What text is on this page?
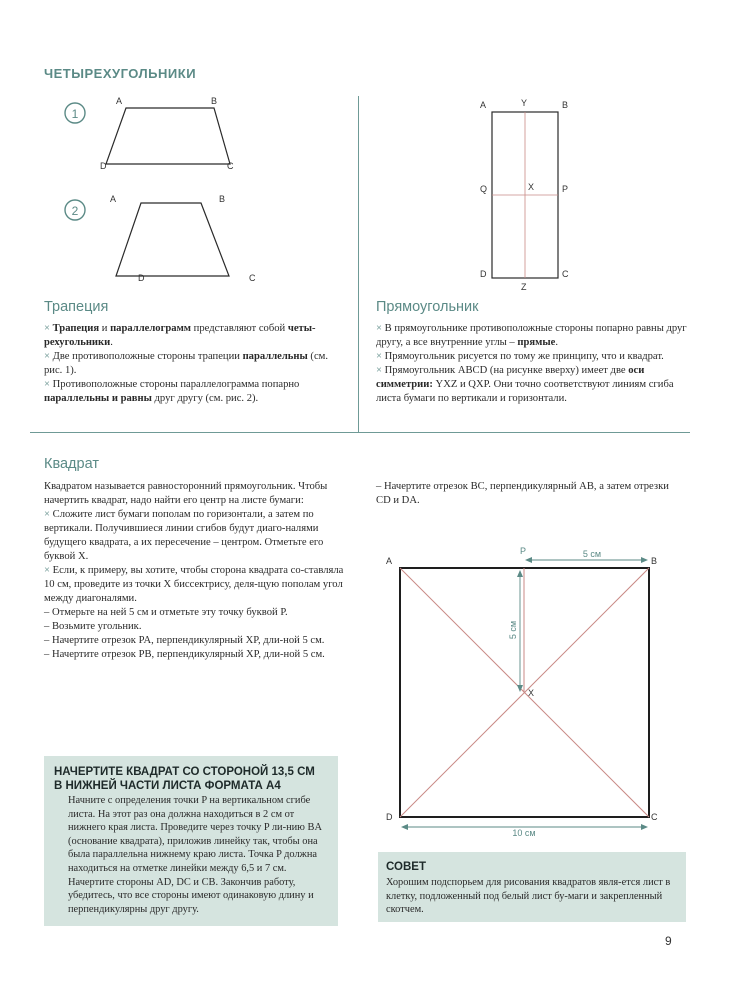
ЧЕТЫРЕХУГОЛЬНИКИ
1
A	B
C
D
2
A	B
C
D
A	Y	B
Q	X	P
D
Z
C
Трапеция

× Трапеция и параллелограмм представляют собой четы-рехугольники.

× Две противоположные стороны трапеции параллельны (см. рис. 1).

× Противоположные стороны параллелограмма попарно параллельны и равны друг другу (см. рис. 2).

Прямоугольник

× В прямоугольнике противоположные стороны попарно равны друг другу, а все внутренние углы – прямые.

× Прямоугольник рисуется по тому же принципу, что и квадрат.

× Прямоугольник ABCD (на рисунке вверху) имеет две оси симметрии: YXZ и QXP. Они точно соответствуют линиям сгиба листа бумаги по вертикали и горизонтали.

Квадрат

Квадратом называется равносторонний прямоугольник. Чтобы начертить квадрат, надо найти его центр на листе бумаги:

× Сложите лист бумаги пополам по горизонтали, а затем по вертикали. Получившиеся линии сгибов будут диаго-налями будущего квадрата, а их пересечение – центром. Отметьте его буквой X.

× Если, к примеру, вы хотите, чтобы сторона квадрата со-ставляла 10 см, проведите из точки X биссектрису, деля-щую пополам угол между диагоналями.

– Отмерьте на ней 5 см и отметьте эту точку буквой P.

– Возьмите угольник.

– Начертите отрезок PA, перпендикулярный XP, дли-ной 5 см.

– Начертите отрезок PB, перпендикулярный XP, дли-ной 5 см.

– Начертите отрезок BC, перпендикулярный AB, а затем отрезки CD и DA.
5 см
5 см
10 см
A
P
B
X
D	C
НАЧЕРТИТЕ КВАДРАТ СО СТОРОНОЙ 13,5 СМ
В НИЖНЕЙ ЧАСТИ ЛИСТА ФОРМАТА А4
Начните с определения точки P на вертикальном сгибе листа. На этот раз она должна находиться в 2 см от нижнего края листа. Проведите через точку P ли-нию BA (основание квадрата), приложив линейку так, чтобы она была параллельна нижнему краю листа. Точка P должна находиться на отметке линейки между 6,5 и 7 см. Начертите стороны AD, DC и CB. Закончив работу, убедитесь, что все стороны имеют одинаковую длину и перпендикулярны друг другу.
СОВЕТ
Хорошим подспорьем для рисования квадратов явля-ется лист в клетку, подложенный под белый лист бу-маги и закрепленный скотчем.
9
